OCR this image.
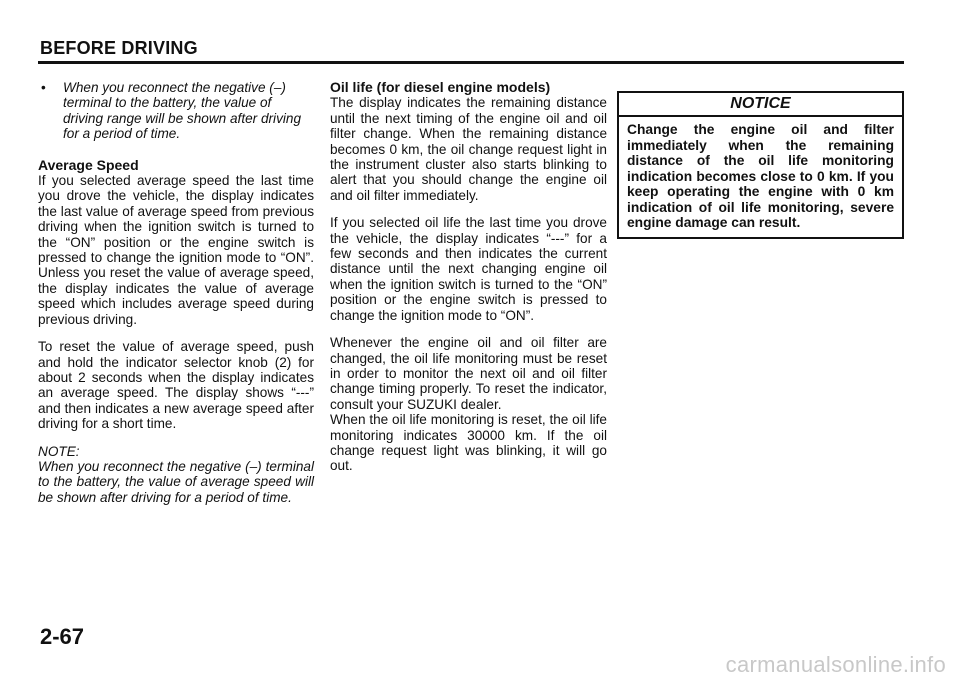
BEFORE DRIVING
• When you reconnect the negative (–) terminal to the battery, the value of driving range will be shown after driving for a period of time.
Average Speed

If you selected average speed the last time you drove the vehicle, the display indicates the last value of average speed from previous driving when the ignition switch is turned to the “ON” position or the engine switch is pressed to change the ignition mode to “ON”. Unless you reset the value of average speed, the display indicates the value of average speed which includes average speed during previous driving.

To reset the value of average speed, push and hold the indicator selector knob (2) for about 2 seconds when the display indicates an average speed. The display shows “---” and then indicates a new average speed after driving for a short time.

NOTE:

When you reconnect the negative (–) terminal to the battery, the value of average speed will be shown after driving for a period of time.

Oil life (for diesel engine models)

The display indicates the remaining distance until the next timing of the engine oil and oil filter change. When the remaining distance becomes 0 km, the oil change request light in the instrument cluster also starts blinking to alert that you should change the engine oil and oil filter immediately.

If you selected oil life the last time you drove the vehicle, the display indicates “---” for a few seconds and then indicates the current distance until the next changing engine oil when the ignition switch is turned to the “ON” position or the engine switch is pressed to change the ignition mode to “ON”.

Whenever the engine oil and oil filter are changed, the oil life monitoring must be reset in order to monitor the next oil and oil filter change timing properly. To reset the indicator, consult your SUZUKI dealer.

When the oil life monitoring is reset, the oil life monitoring indicates 30000 km. If the oil change request light was blinking, it will go out.

NOTICE
Change the engine oil and filter immediately when the remaining distance of the oil life monitoring indication becomes close to 0 km. If you keep operating the engine with 0 km indication of oil life monitoring, severe engine damage can result.
2-67
carmanualsonline.info
